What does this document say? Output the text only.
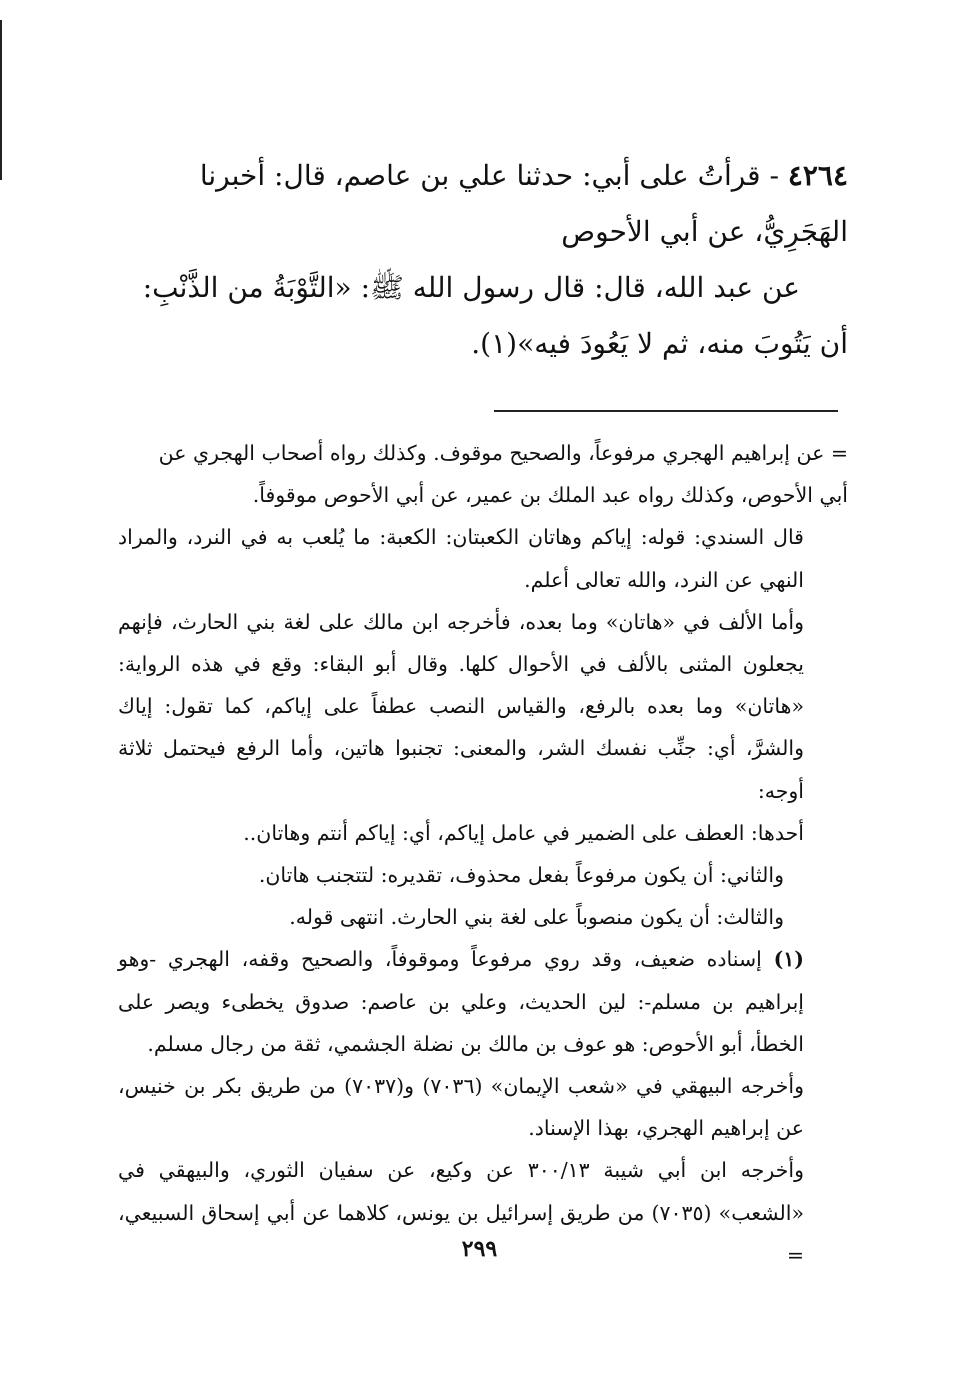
٤٢٦٤ - قرأتُ على أبي: حدثنا علي بن عاصم، قال: أخبرنا

الهَجَرِيُّ، عن أبي الأحوص

عن عبد الله، قال: قال رسول الله ﷺ: «التَّوْبَةُ من الذَّنْبِ:

أن يَتُوبَ منه، ثم لا يَعُودَ فيه»(١).

= عن إبراهيم الهجري مرفوعاً، والصحيح موقوف. وكذلك رواه أصحاب الهجري عن

أبي الأحوص، وكذلك رواه عبد الملك بن عمير، عن أبي الأحوص موقوفاً.

قال السندي: قوله: إياكم وهاتان الكعبتان: الكعبة: ما يُلعب به في النرد، والمراد النهي عن النرد، والله تعالى أعلم.

وأما الألف في «هاتان» وما بعده، فأخرجه ابن مالك على لغة بني الحارث، فإنهم يجعلون المثنى بالألف في الأحوال كلها. وقال أبو البقاء: وقع في هذه الرواية: «هاتان» وما بعده بالرفع، والقياس النصب عطفاً على إياكم، كما تقول: إياك والشرَّ، أي: جنِّب نفسك الشر، والمعنى: تجنبوا هاتين، وأما الرفع فيحتمل ثلاثة أوجه:

أحدها: العطف على الضمير في عامل إياكم، أي: إياكم أنتم وهاتان..

والثاني: أن يكون مرفوعاً بفعل محذوف، تقديره: لتتجنب هاتان.

والثالث: أن يكون منصوباً على لغة بني الحارث. انتهى قوله.

(١) إسناده ضعيف، وقد روي مرفوعاً وموقوفاً، والصحيح وقفه، الهجري -وهو إبراهيم بن مسلم-: لين الحديث، وعلي بن عاصم: صدوق يخطىء ويصر على الخطأ، أبو الأحوص: هو عوف بن مالك بن نضلة الجشمي، ثقة من رجال مسلم.

وأخرجه البيهقي في «شعب الإيمان» (٧٠٣٦) و(٧٠٣٧) من طريق بكر بن خنيس، عن إبراهيم الهجري، بهذا الإسناد.

وأخرجه ابن أبي شيبة ٣٠٠/١٣ عن وكيع، عن سفيان الثوري، والبيهقي في «الشعب» (٧٠٣٥) من طريق إسرائيل بن يونس، كلاهما عن أبي إسحاق السبيعي، =

٢٩٩
